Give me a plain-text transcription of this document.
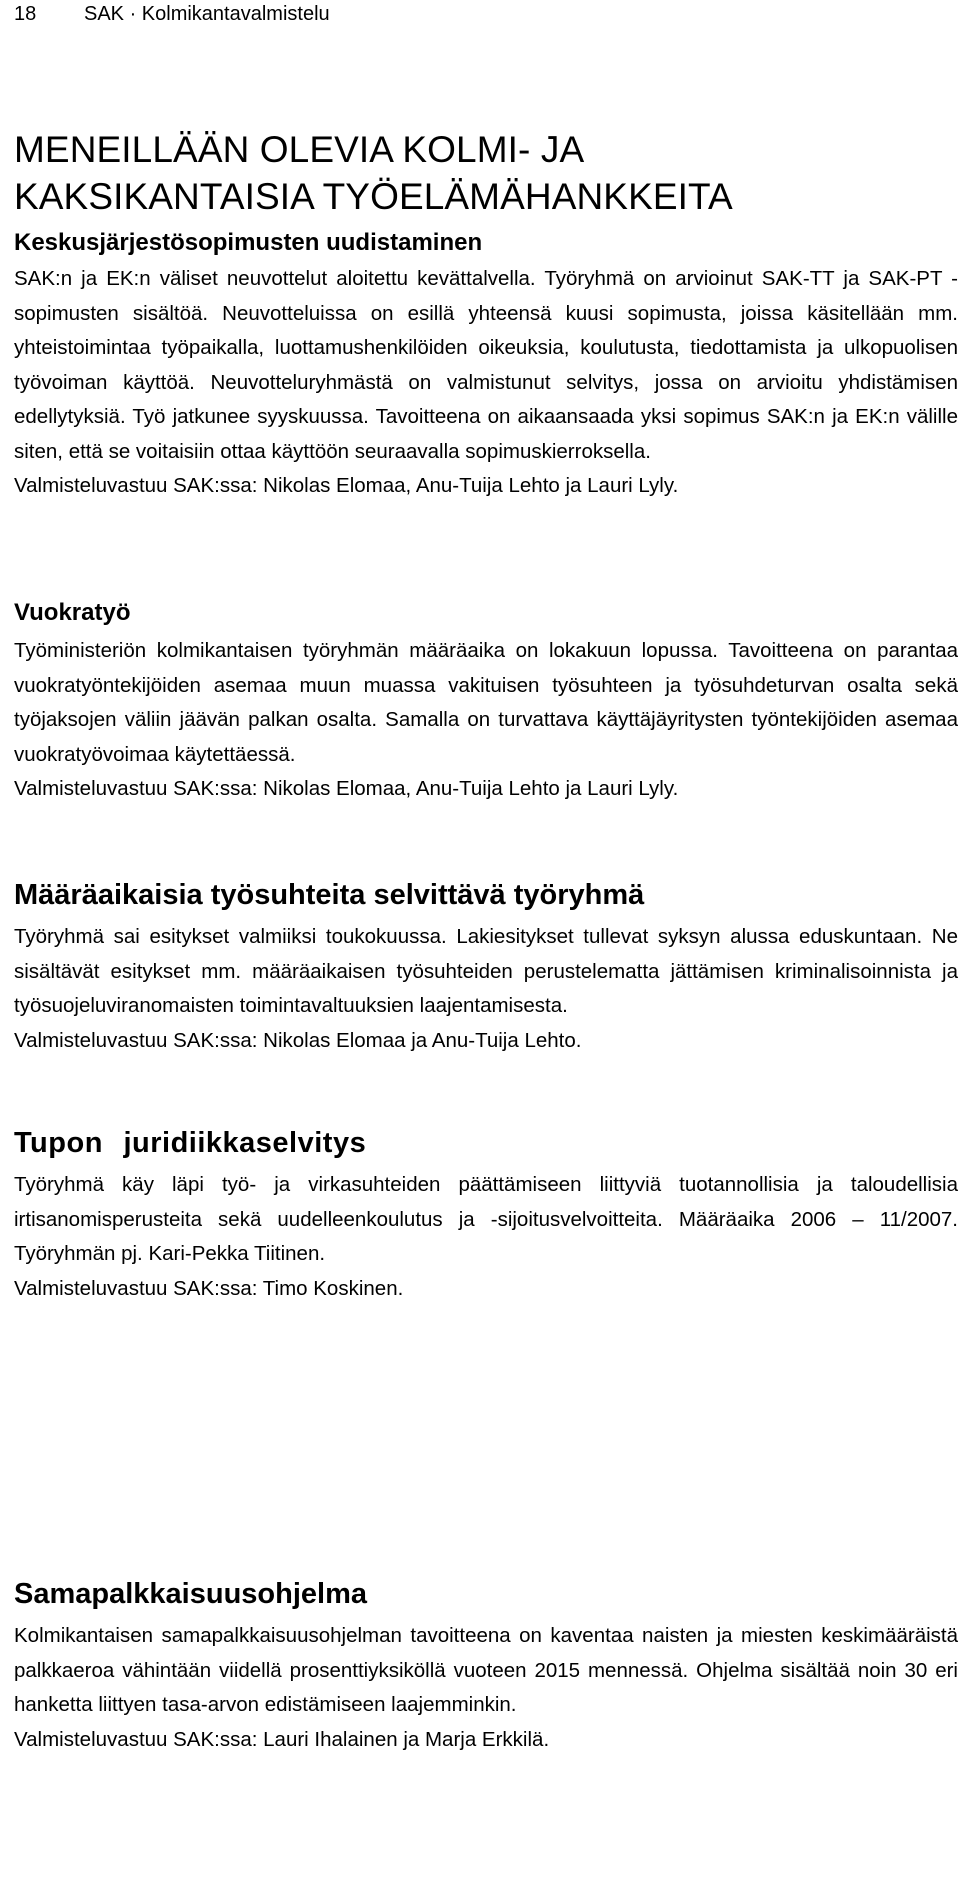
18 SAK · Kolmikantavalmistelu
MENEILLÄÄN OLEVIA KOLMI- JA
KAKSIKANTAISIA TYÖELÄMÄHANKKEITA
Keskusjärjestösopimusten uudistaminen

SAK:n ja EK:n väliset neuvottelut aloitettu kevättalvella. Työryhmä on arvioinut SAK-TT ja SAK-PT -sopimusten sisältöä. Neuvotteluissa on esillä yhteensä kuusi sopimusta, joissa käsitellään mm. yhteistoimintaa työpaikalla, luottamushenkilöiden oikeuksia, koulutusta, tiedottamista ja ulkopuolisen työvoiman käyttöä. Neuvotteluryhmästä on valmistunut selvitys, jossa on arvioitu yhdistämisen edellytyksiä. Työ jatkunee syyskuussa. Tavoitteena on aikaansaada yksi sopimus SAK:n ja EK:n välille siten, että se voitaisiin ottaa käyttöön seuraavalla sopimuskierroksella.

Valmisteluvastuu SAK:ssa: Nikolas Elomaa, Anu-Tuija Lehto ja Lauri Lyly.

Vuokratyö

Työministeriön kolmikantaisen työryhmän määräaika on lokakuun lopussa. Tavoitteena on parantaa vuokratyöntekijöiden asemaa muun muassa vakituisen työsuhteen ja työsuhdeturvan osalta sekä työjaksojen väliin jäävän palkan osalta. Samalla on turvattava käyttäjäyritysten työntekijöiden asemaa vuokratyövoimaa käytettäessä.

Valmisteluvastuu SAK:ssa: Nikolas Elomaa, Anu-Tuija Lehto ja Lauri Lyly.

Määräaikaisia työsuhteita selvittävä työryhmä

Työryhmä sai esitykset valmiiksi toukokuussa. Lakiesitykset tullevat syksyn alussa eduskuntaan. Ne sisältävät esitykset mm. määräaikaisen työsuhteiden perustelematta jättämisen kriminalisoinnista ja työsuojeluviranomaisten toimintavaltuuksien laajentamisesta.

Valmisteluvastuu SAK:ssa: Nikolas Elomaa ja Anu-Tuija Lehto.

Tupon juridiikkaselvitys

Työryhmä käy läpi työ- ja virkasuhteiden päättämiseen liittyviä tuotannollisia ja taloudellisia irtisanomisperusteita sekä uudelleenkoulutus ja -sijoitusvelvoitteita. Määräaika 2006 – 11/2007. Työryhmän pj. Kari-Pekka Tiitinen.

Valmisteluvastuu SAK:ssa: Timo Koskinen.

Samapalkkaisuusohjelma

Kolmikantaisen samapalkkaisuusohjelman tavoitteena on kaventaa naisten ja miesten keskimääräistä palkkaeroa vähintään viidellä prosenttiyksiköllä vuoteen 2015 mennessä. Ohjelma sisältää noin 30 eri hanketta liittyen tasa-arvon edistämiseen laajemminkin.

Valmisteluvastuu SAK:ssa: Lauri Ihalainen ja Marja Erkkilä.
